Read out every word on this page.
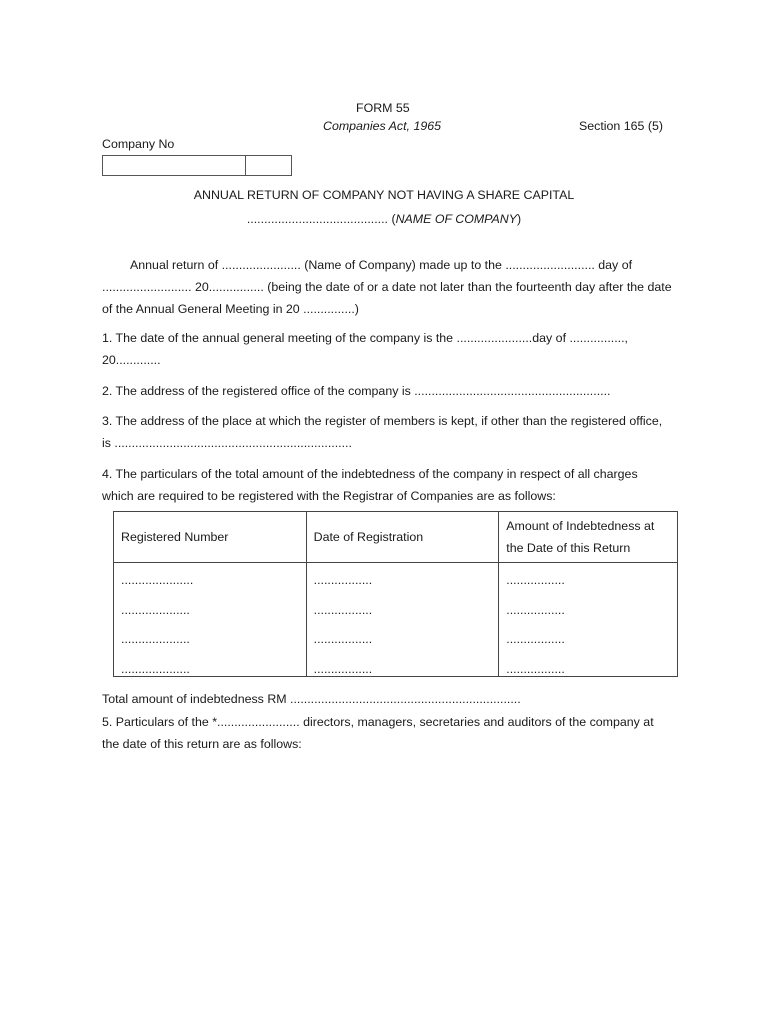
FORM 55
Companies Act, 1965	Section 165 (5)
Company No
ANNUAL RETURN OF COMPANY NOT HAVING A SHARE CAPITAL
......................................... (NAME OF COMPANY)
Annual return of ....................... (Name of Company) made up to the .......................... day of .......................... 20................ (being the date of or a date not later than the fourteenth day after the date of the Annual General Meeting in 20 ...............)
1. The date of the annual general meeting of the company is the ......................day of ................, 20.............
2. The address of the registered office of the company is .........................................................
3. The address of the place at which the register of members is kept, if other than the registered office, is .....................................................................
4. The particulars of the total amount of the indebtedness of the company in respect of all charges which are required to be registered with the Registrar of Companies are as follows:
Registered Number	Date of Registration	Amount of Indebtedness at the Date of this Return
.....................	.................	.................
....................	.................	.................
....................	.................	.................
....................	.................	.................
Total amount of indebtedness RM ...................................................................
5. Particulars of the *........................ directors, managers, secretaries and auditors of the company at the date of this return are as follows:
